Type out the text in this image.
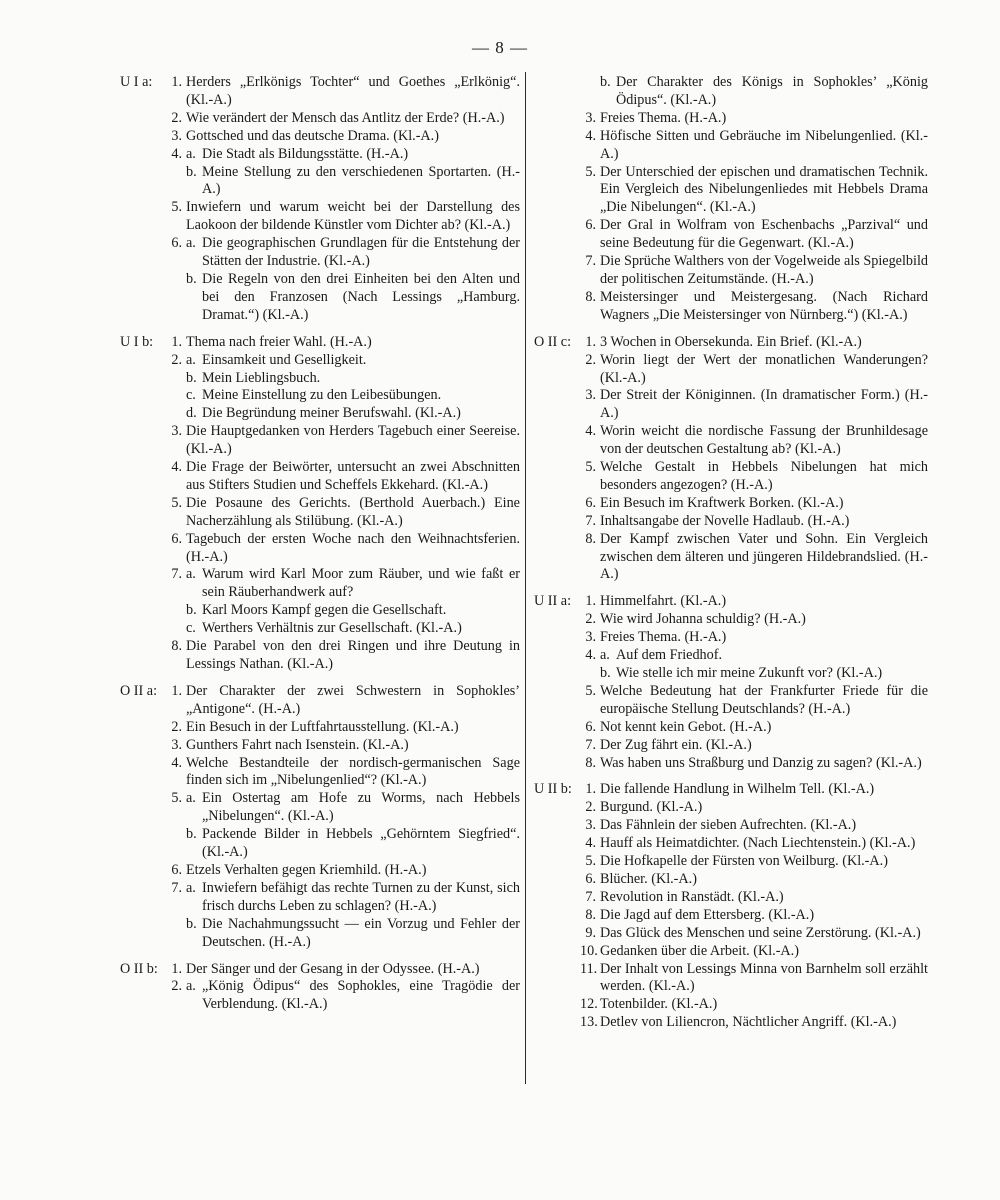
— 8 —
U I a:	1. Herders „Erlkönigs Tochter“ und Goethes „Erlkönig“. (Kl.-A.)
2. Wie verändert der Mensch das Antlitz der Erde? (H.-A.)
3. Gottsched und das deutsche Drama. (Kl.-A.)
4. a. Die Stadt als Bildungsstätte. (H.-A.)
b. Meine Stellung zu den verschiedenen Sportarten. (H.-A.)
5. Inwiefern und warum weicht bei der Darstellung des Laokoon der bildende Künstler vom Dichter ab? (Kl.-A.)
6. a. Die geographischen Grundlagen für die Entstehung der Stätten der Industrie. (Kl.-A.)
b. Die Regeln von den drei Einheiten bei den Alten und bei den Franzosen (Nach Lessings „Hamburg. Dramat.“) (Kl.-A.)
U I b:	1. Thema nach freier Wahl. (H.-A.)
2. a. Einsamkeit und Geselligkeit.
b. Mein Lieblingsbuch.
c. Meine Einstellung zu den Leibesübungen.
d. Die Begründung meiner Berufswahl. (Kl.-A.)
3. Die Hauptgedanken von Herders Tagebuch einer Seereise. (Kl.-A.)
4. Die Frage der Beiwörter, untersucht an zwei Abschnitten aus Stifters Studien und Scheffels Ekkehard. (Kl.-A.)
5. Die Posaune des Gerichts. (Berthold Auerbach.) Eine Nacherzählung als Stilübung. (Kl.-A.)
6. Tagebuch der ersten Woche nach den Weihnachtsferien. (H.-A.)
7. a. Warum wird Karl Moor zum Räuber, und wie faßt er sein Räuberhandwerk auf?
b. Karl Moors Kampf gegen die Gesellschaft.
c. Werthers Verhältnis zur Gesellschaft. (Kl.-A.)
8. Die Parabel von den drei Ringen und ihre Deutung in Lessings Nathan. (Kl.-A.)
O II a:	1. Der Charakter der zwei Schwestern in Sophokles’ „Antigone“. (H.-A.)
2. Ein Besuch in der Luftfahrtausstellung. (Kl.-A.)
3. Gunthers Fahrt nach Isenstein. (Kl.-A.)
4. Welche Bestandteile der nordisch-germanischen Sage finden sich im „Nibelungenlied“? (Kl.-A.)
5. a. Ein Ostertag am Hofe zu Worms, nach Hebbels „Nibelungen“. (Kl.-A.)
b. Packende Bilder in Hebbels „Gehörntem Siegfried“. (Kl.-A.)
6. Etzels Verhalten gegen Kriemhild. (H.-A.)
7. a. Inwiefern befähigt das rechte Turnen zu der Kunst, sich frisch durchs Leben zu schlagen? (H.-A.)
b. Die Nachahmungssucht — ein Vorzug und Fehler der Deutschen. (H.-A.)
O II b: 1. Der Sänger und der Gesang in der Odyssee. (H.-A.)
2. a. „König Ödipus“ des Sophokles, eine Tragödie der Verblendung. (Kl.-A.)
b. Der Charakter des Königs in Sophokles’ „König Ödipus“. (Kl.-A.)
3. Freies Thema. (H.-A.)
4. Höfische Sitten und Gebräuche im Nibelungenlied. (Kl.-A.)
5. Der Unterschied der epischen und dramatischen Technik. Ein Vergleich des Nibelungenliedes mit Hebbels Drama „Die Nibelungen“. (Kl.-A.)
6. Der Gral in Wolfram von Eschenbachs „Parzival“ und seine Bedeutung für die Gegenwart. (Kl.-A.)
7. Die Sprüche Walthers von der Vogelweide als Spiegelbild der politischen Zeitumstände. (H.-A.)
8. Meistersinger und Meistergesang. (Nach Richard Wagners „Die Meistersinger von Nürnberg.“) (Kl.-A.)
O II c:	1. 3 Wochen in Obersekunda. Ein Brief. (Kl.-A.)
2. Worin liegt der Wert der monatlichen Wanderungen? (Kl.-A.)
3. Der Streit der Königinnen. (In dramatischer Form.) (H.-A.)
4. Worin weicht die nordische Fassung der Brunhildesage von der deutschen Gestaltung ab? (Kl.-A.)
5. Welche Gestalt in Hebbels Nibelungen hat mich besonders angezogen? (H.-A.)
6. Ein Besuch im Kraftwerk Borken. (Kl.-A.)
7. Inhaltsangabe der Novelle Hadlaub. (H.-A.)
8. Der Kampf zwischen Vater und Sohn. Ein Vergleich zwischen dem älteren und jüngeren Hildebrandslied. (H.-A.)
U II a:	1. Himmelfahrt. (Kl.-A.)
2. Wie wird Johanna schuldig? (H.-A.)
3. Freies Thema. (H.-A.)
4. a. Auf dem Friedhof.
b. Wie stelle ich mir meine Zukunft vor? (Kl.-A.)
5. Welche Bedeutung hat der Frankfurter Friede für die europäische Stellung Deutschlands? (H.-A.)
6. Not kennt kein Gebot. (H.-A.)
7. Der Zug fährt ein. (Kl.-A.)
8. Was haben uns Straßburg und Danzig zu sagen? (Kl.-A.)
U II b: 1. Die fallende Handlung in Wilhelm Tell. (Kl.-A.)
2. Burgund. (Kl.-A.)
3. Das Fähnlein der sieben Aufrechten. (Kl.-A.)
4. Hauff als Heimatdichter. (Nach Liechtenstein.) (Kl.-A.)
5. Die Hofkapelle der Fürsten von Weilburg. (Kl.-A.)
6. Blücher. (Kl.-A.)
7. Revolution in Ranstädt. (Kl.-A.)
8. Die Jagd auf dem Ettersberg. (Kl.-A.)
9. Das Glück des Menschen und seine Zerstörung. (Kl.-A.)
10. Gedanken über die Arbeit. (Kl.-A.)
11. Der Inhalt von Lessings Minna von Barnhelm soll erzählt werden. (Kl.-A.)
12. Totenbilder. (Kl.-A.)
13. Detlev von Liliencron, Nächtlicher Angriff. (Kl.-A.)
